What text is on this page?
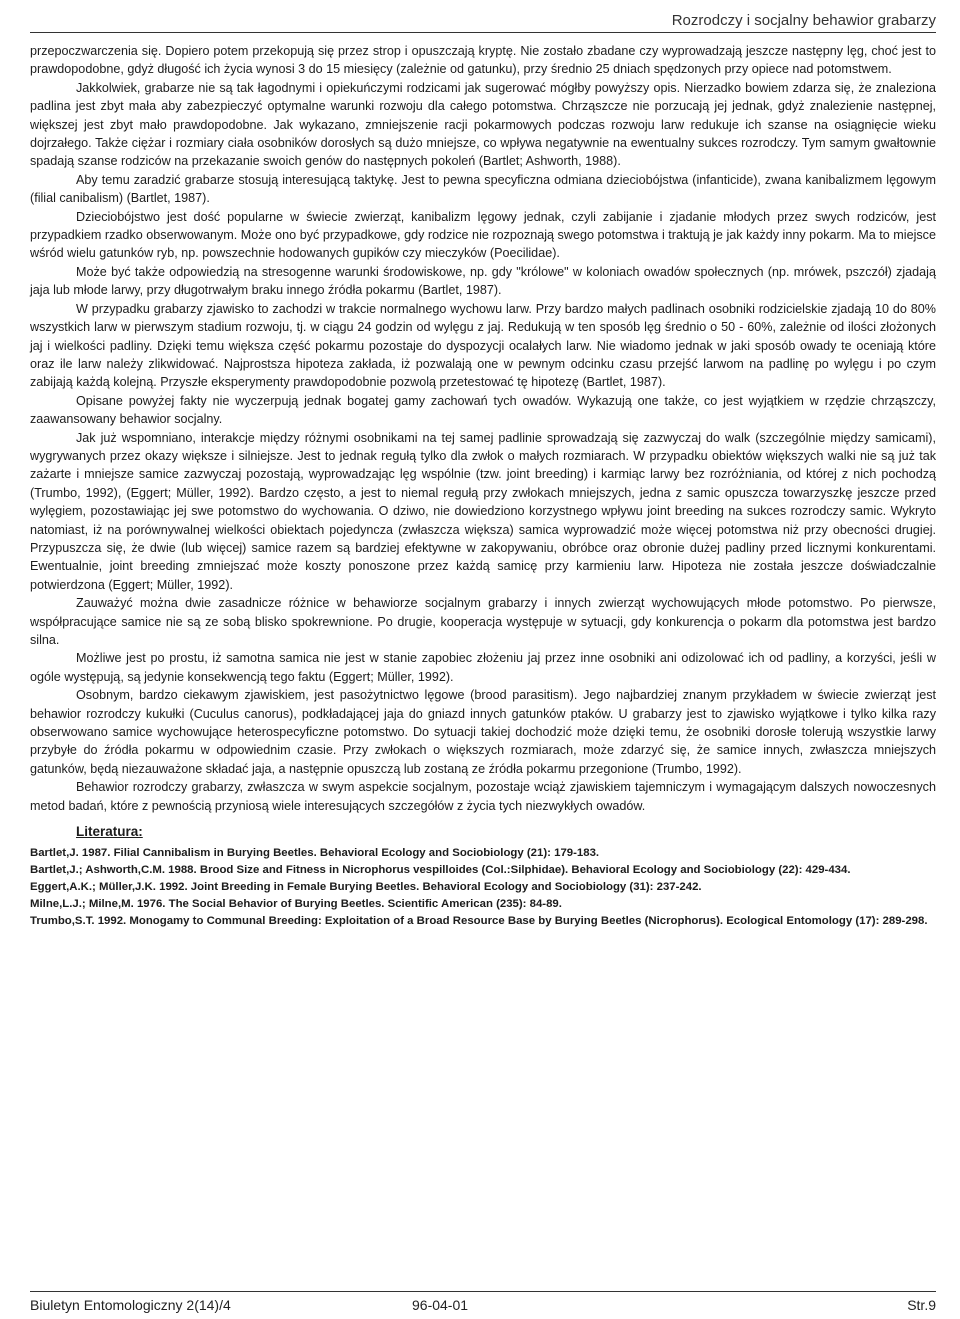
Rozrodczy i socjalny behawior grabarzy

przepoczwarczenia się. Dopiero potem przekopują się przez strop i opuszczają kryptę. Nie zostało zbadane czy wyprowadzają jeszcze następny lęg, choć jest to prawdopodobne, gdyż długość ich życia wynosi 3 do 15 miesięcy (zależnie od gatunku), przy średnio 25 dniach spędzonych przy opiece nad potomstwem.

Jakkolwiek, grabarze nie są tak łagodnymi i opiekuńczymi rodzicami jak sugerować mógłby powyższy opis. Nierzadko bowiem zdarza się, że znaleziona padlina jest zbyt mała aby zabezpieczyć optymalne warunki rozwoju dla całego potomstwa. Chrząszcze nie porzucają jej jednak, gdyż znalezienie następnej, większej jest zbyt mało prawdopodobne. Jak wykazano, zmniejszenie racji pokarmowych podczas rozwoju larw redukuje ich szanse na osiągnięcie wieku dojrzałego. Także ciężar i rozmiary ciała osobników dorosłych są dużo mniejsze, co wpływa negatywnie na ewentualny sukces rozrodczy. Tym samym gwałtownie spadają szanse rodziców na przekazanie swoich genów do następnych pokoleń (Bartlet; Ashworth, 1988).

Aby temu zaradzić grabarze stosują interesującą taktykę. Jest to pewna specyficzna odmiana dzieciobójstwa (infanticide), zwana kanibalizmem lęgowym (filial canibalism) (Bartlet, 1987).

Dzieciobójstwo jest dość popularne w świecie zwierząt, kanibalizm lęgowy jednak, czyli zabijanie i zjadanie młodych przez swych rodziców, jest przypadkiem rzadko obserwowanym. Może ono być przypadkowe, gdy rodzice nie rozpoznają swego potomstwa i traktują je jak każdy inny pokarm. Ma to miejsce wśród wielu gatunków ryb, np. powszechnie hodowanych gupików czy mieczyków (Poecilidae).

Może być także odpowiedzią na stresogenne warunki środowiskowe, np. gdy "królowe" w koloniach owadów społecznych (np. mrówek, pszczół) zjadają jaja lub młode larwy, przy długotrwałym braku innego źródła pokarmu (Bartlet, 1987).

W przypadku grabarzy zjawisko to zachodzi w trakcie normalnego wychowu larw. Przy bardzo małych padlinach osobniki rodzicielskie zjadają 10 do 80% wszystkich larw w pierwszym stadium rozwoju, tj. w ciągu 24 godzin od wylęgu z jaj. Redukują w ten sposób lęg średnio o 50 - 60%, zależnie od ilości złożonych jaj i wielkości padliny. Dzięki temu większa część pokarmu pozostaje do dyspozycji ocalałych larw. Nie wiadomo jednak w jaki sposób owady te oceniają które oraz ile larw należy zlikwidować. Najprostsza hipoteza zakłada, iż pozwalają one w pewnym odcinku czasu przejść larwom na padlinę po wylęgu i po czym zabijają każdą kolejną. Przyszłe eksperymenty prawdopodobnie pozwolą przetestować tę hipotezę (Bartlet, 1987).

Opisane powyżej fakty nie wyczerpują jednak bogatej gamy zachowań tych owadów. Wykazują one także, co jest wyjątkiem w rzędzie chrząszczy, zaawansowany behawior socjalny.

Jak już wspomniano, interakcje między różnymi osobnikami na tej samej padlinie sprowadzają się zazwyczaj do walk (szczególnie między samicami), wygrywanych przez okazy większe i silniejsze. Jest to jednak regułą tylko dla zwłok o małych rozmiarach. W przypadku obiektów większych walki nie są już tak zażarte i mniejsze samice zazwyczaj pozostają, wyprowadzając lęg wspólnie (tzw. joint breeding) i karmiąc larwy bez rozróżniania, od której z nich pochodzą (Trumbo, 1992), (Eggert; Müller, 1992). Bardzo często, a jest to niemal regułą przy zwłokach mniejszych, jedna z samic opuszcza towarzyszkę jeszcze przed wylęgiem, pozostawiając jej swe potomstwo do wychowania. O dziwo, nie dowiedziono korzystnego wpływu joint breeding na sukces rozrodczy samic. Wykryto natomiast, iż na porównywalnej wielkości obiektach pojedyncza (zwłaszcza większa) samica wyprowadzić może więcej potomstwa niż przy obecności drugiej. Przypuszcza się, że dwie (lub więcej) samice razem są bardziej efektywne w zakopywaniu, obróbce oraz obronie dużej padliny przed licznymi konkurentami. Ewentualnie, joint breeding zmniejszać może koszty ponoszone przez każdą samicę przy karmieniu larw. Hipoteza nie została jeszcze doświadczalnie potwierdzona (Eggert; Müller, 1992).

Zauważyć można dwie zasadnicze różnice w behawiorze socjalnym grabarzy i innych zwierząt wychowujących młode potomstwo. Po pierwsze, współpracujące samice nie są ze sobą blisko spokrewnione. Po drugie, kooperacja występuje w sytuacji, gdy konkurencja o pokarm dla potomstwa jest bardzo silna.

Możliwe jest po prostu, iż samotna samica nie jest w stanie zapobiec złożeniu jaj przez inne osobniki ani odizolować ich od padliny, a korzyści, jeśli w ogóle występują, są jedynie konsekwencją tego faktu (Eggert; Müller, 1992).

Osobnym, bardzo ciekawym zjawiskiem, jest pasożytnictwo lęgowe (brood parasitism). Jego najbardziej znanym przykładem w świecie zwierząt jest behawior rozrodczy kukułki (Cuculus canorus), podkładającej jaja do gniazd innych gatunków ptaków. U grabarzy jest to zjawisko wyjątkowe i tylko kilka razy obserwowano samice wychowujące heterospecyficzne potomstwo. Do sytuacji takiej dochodzić może dzięki temu, że osobniki dorosłe tolerują wszystkie larwy przybyłe do źródła pokarmu w odpowiednim czasie. Przy zwłokach o większych rozmiarach, może zdarzyć się, że samice innych, zwłaszcza mniejszych gatunków, będą niezauważone składać jaja, a następnie opuszczą lub zostaną ze źródła pokarmu przegonione (Trumbo, 1992).

Behawior rozrodczy grabarzy, zwłaszcza w swym aspekcie socjalnym, pozostaje wciąż zjawiskiem tajemniczym i wymagającym dalszych nowoczesnych metod badań, które z pewnością przyniosą wiele interesujących szczegółów z życia tych niezwykłych owadów.

Literatura:
Bartlet,J. 1987. Filial Cannibalism in Burying Beetles. Behavioral Ecology and Sociobiology (21): 179-183.
Bartlet,J.; Ashworth,C.M. 1988. Brood Size and Fitness in Nicrophorus vespilloides (Col.:Silphidae). Behavioral Ecology and Sociobiology (22): 429-434.
Eggert,A.K.; Müller,J.K. 1992. Joint Breeding in Female Burying Beetles. Behavioral Ecology and Sociobiology (31): 237-242.
Milne,L.J.; Milne,M. 1976. The Social Behavior of Burying Beetles. Scientific American (235): 84-89.
Trumbo,S.T. 1992. Monogamy to Communal Breeding: Exploitation of a Broad Resource Base by Burying Beetles (Nicrophorus). Ecological Entomology (17): 289-298.
Biuletyn Entomologiczny 2(14)/4	96-04-01	Str.9
